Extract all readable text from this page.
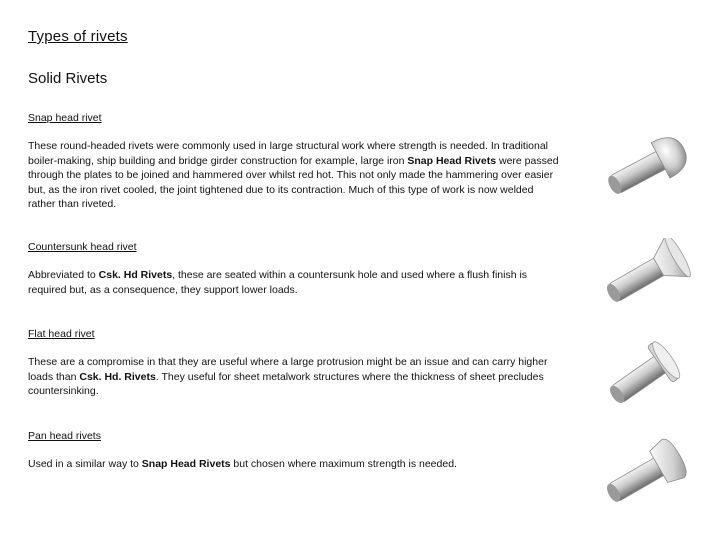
Types of rivets
Solid Rivets
Snap head rivet
These round-headed rivets were commonly used in large structural work where strength is needed. In traditional boiler-making, ship building and bridge girder construction for example, large iron Snap Head Rivets were passed through the plates to be joined and hammered over whilst red hot. This not only made the hammering over easier but, as the iron rivet cooled, the joint tightened due to its contraction. Much of this type of work is now welded rather than riveted.
Countersunk head rivet
Abbreviated to Csk. Hd Rivets, these are seated within a countersunk hole and used where a flush finish is required but, as a consequence, they support lower loads.
Flat head rivet
These are a compromise in that they are useful where a large protrusion might be an issue and can carry higher loads than Csk. Hd. Rivets. They useful for sheet metalwork structures where the thickness of sheet precludes countersinking.
Pan head rivets
Used in a similar way to Snap Head Rivets but chosen where maximum strength is needed.
